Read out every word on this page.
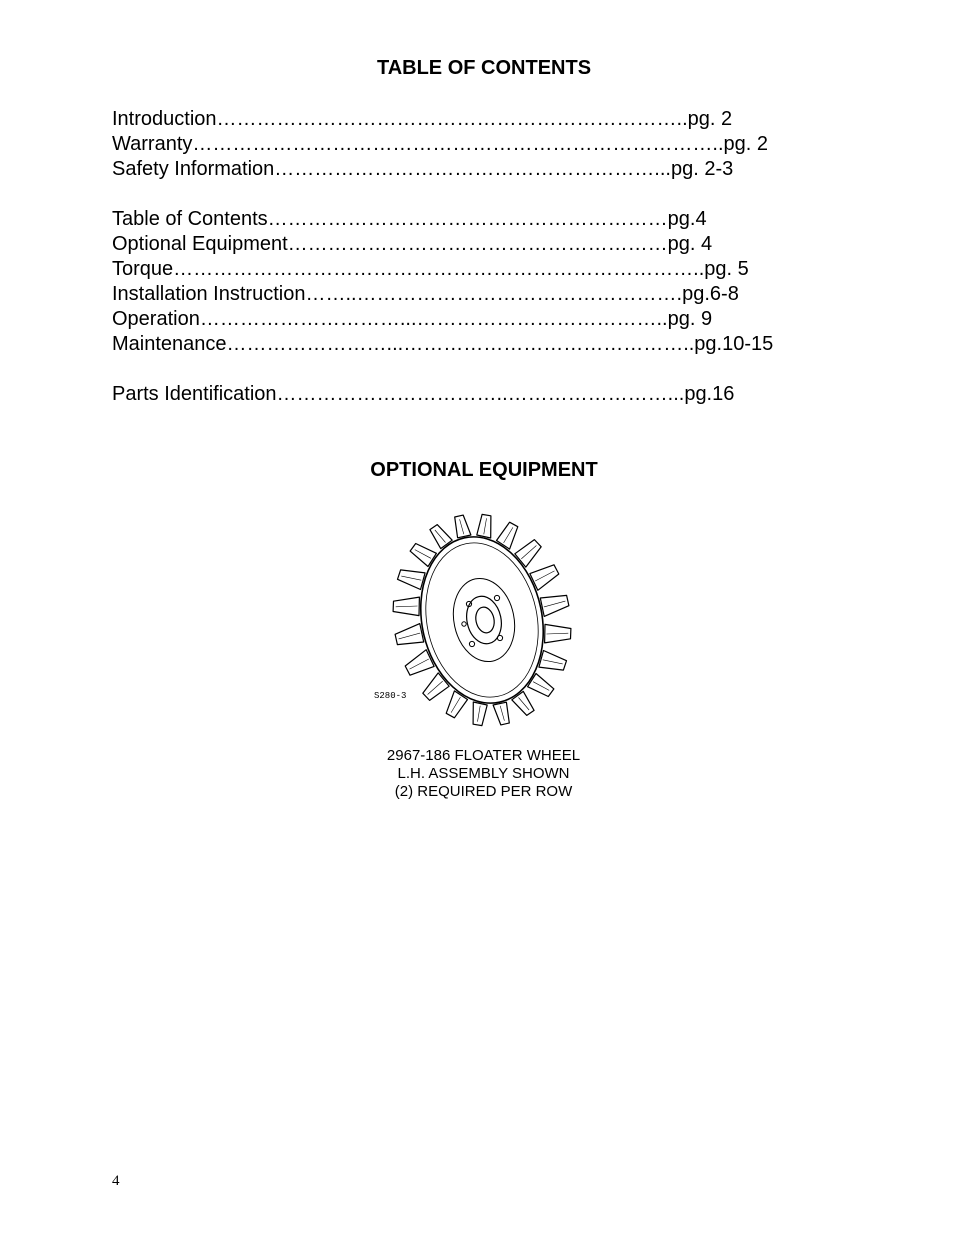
TABLE OF CONTENTS
Introduction……………………………………………………………..pg. 2
Warranty……………………………………………………………………..pg. 2
Safety Information…………………………………………………...pg. 2-3
Table of Contents……………………………………………………pg.4
Optional Equipment…………………………………………………pg. 4
Torque……………………………………………………………………..pg. 5
Installation Instruction……..………………………………………….pg.6-8
Operation…………………………...………………………………..pg. 9
Maintenance……………………...……………………………………..pg.10-15
Parts Identification……………………………..……………………...pg.16
OPTIONAL EQUIPMENT
S280-3
2967-186 FLOATER WHEEL
L.H. ASSEMBLY SHOWN
(2) REQUIRED PER ROW
4
